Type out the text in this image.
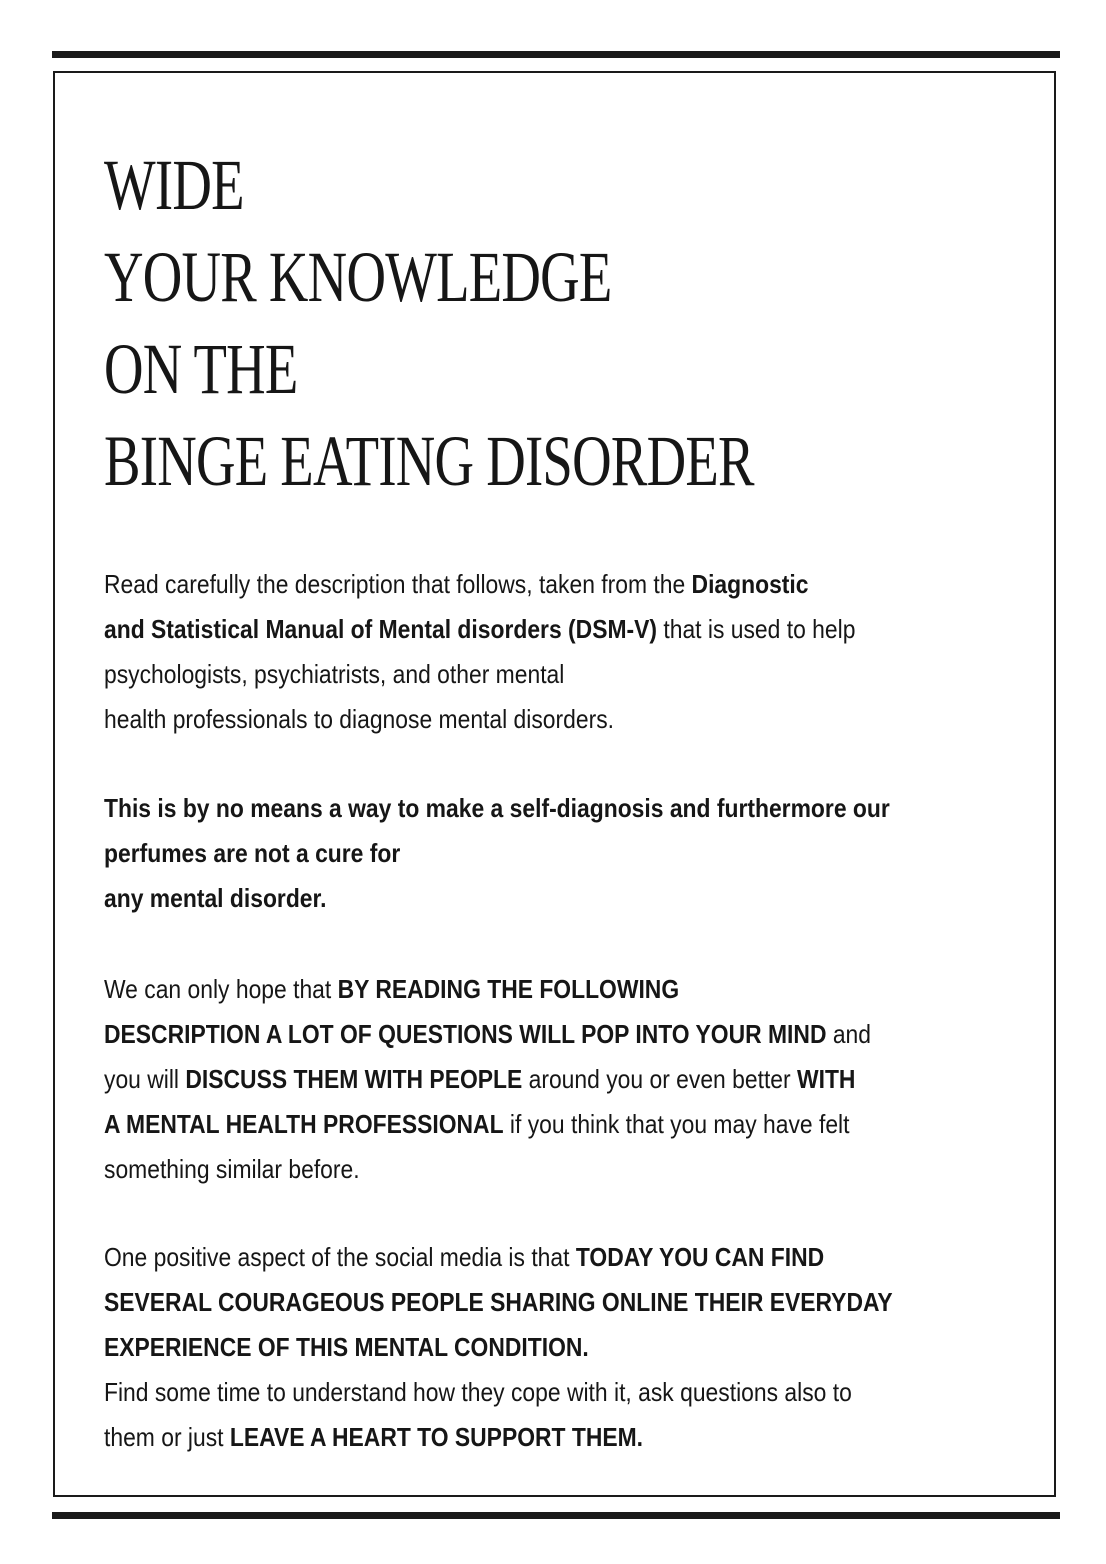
WIDE
YOUR KNOWLEDGE
ON THE
BINGE EATING DISORDER

Read carefully the description that follows, taken from the Diagnostic
and Statistical Manual of Mental disorders (DSM-V) that is used to help
psychologists, psychiatrists, and other mental
health professionals to diagnose mental disorders.

This is by no means a way to make a self-diagnosis and furthermore our
perfumes are not a cure for
any mental disorder.

We can only hope that BY READING THE FOLLOWING
DESCRIPTION A LOT OF QUESTIONS WILL POP INTO YOUR MIND and
you will DISCUSS THEM WITH PEOPLE around you or even better WITH
A MENTAL HEALTH PROFESSIONAL if you think that you may have felt
something similar before.

One positive aspect of the social media is that TODAY YOU CAN FIND
SEVERAL COURAGEOUS PEOPLE SHARING ONLINE THEIR EVERYDAY
EXPERIENCE OF THIS MENTAL CONDITION.
Find some time to understand how they cope with it, ask questions also to
them or just LEAVE A HEART TO SUPPORT THEM.
